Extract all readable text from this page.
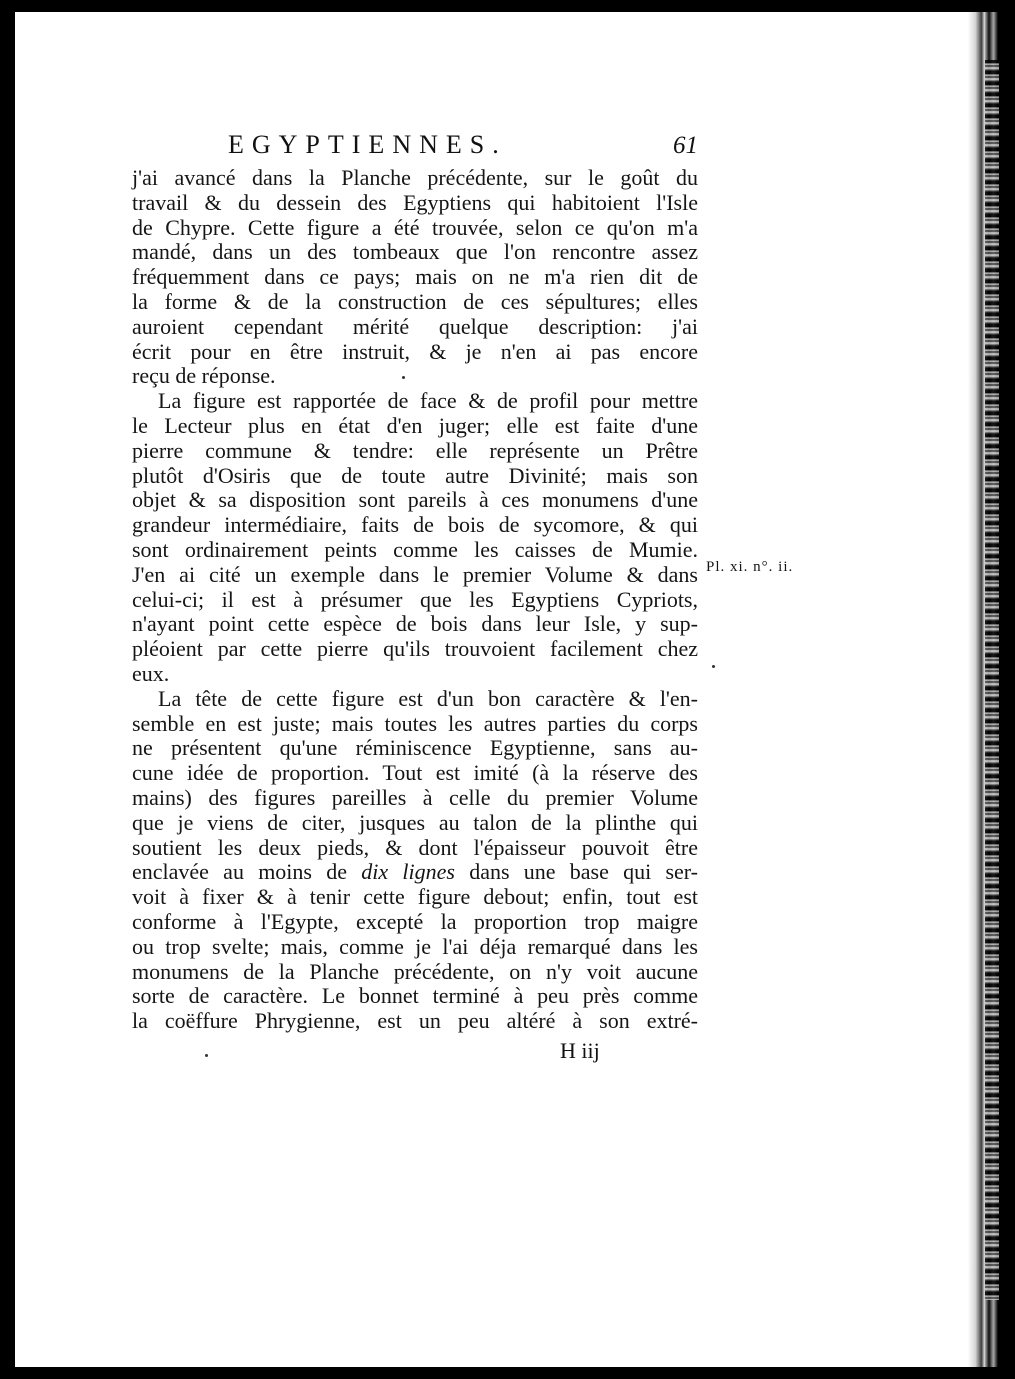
EGYPTIENNES.	61
j'ai avancé dans la Planche précédente, sur le goût du
travail & du dessein des Egyptiens qui habitoient l'Isle
de Chypre. Cette figure a été trouvée, selon ce qu'on m'a
mandé, dans un des tombeaux que l'on rencontre assez
fréquemment dans ce pays; mais on ne m'a rien dit de
la forme & de la construction de ces sépultures; elles
auroient cependant mérité quelque description: j'ai
écrit pour en être instruit, & je n'en ai pas encore
reçu de réponse.
La figure est rapportée de face & de profil pour mettre
le Lecteur plus en état d'en juger; elle est faite d'une
pierre commune & tendre: elle représente un Prêtre
plutôt d'Osiris que de toute autre Divinité; mais son
objet & sa disposition sont pareils à ces monumens d'une
grandeur intermédiaire, faits de bois de sycomore, & qui
sont ordinairement peints comme les caisses de Mumie.
J'en ai cité un exemple dans le premier Volume & dans
celui-ci; il est à présumer que les Egyptiens Cypriots,
n'ayant point cette espèce de bois dans leur Isle, y sup-
pléoient par cette pierre qu'ils trouvoient facilement chez
eux.
La tête de cette figure est d'un bon caractère & l'en-
semble en est juste; mais toutes les autres parties du corps
ne présentent qu'une réminiscence Egyptienne, sans au-
cune idée de proportion. Tout est imité (à la réserve des
mains) des figures pareilles à celle du premier Volume
que je viens de citer, jusques au talon de la plinthe qui
soutient les deux pieds, & dont l'épaisseur pouvoit être
enclavée au moins de dix lignes dans une base qui ser-
voit à fixer & à tenir cette figure debout; enfin, tout est
conforme à l'Egypte, excepté la proportion trop maigre
ou trop svelte; mais, comme je l'ai déja remarqué dans les
monumens de la Planche précédente, on n'y voit aucune
sorte de caractère. Le bonnet terminé à peu près comme
la coëffure Phrygienne, est un peu altéré à son extré-
Pl. xi. n°. ii.
H iij
